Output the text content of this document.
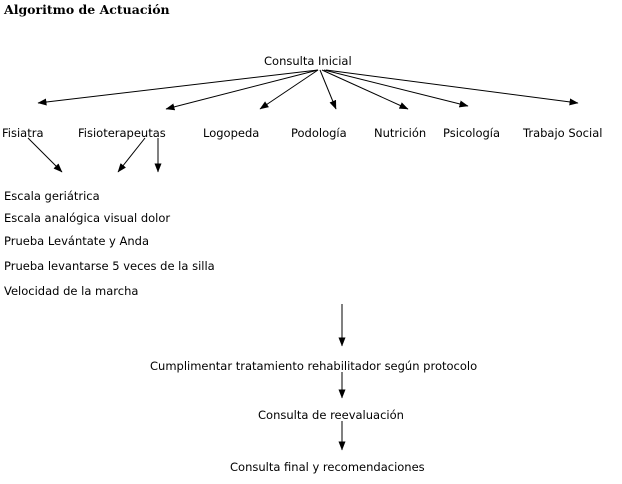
Algoritmo de Actuación
Consulta Inicial
Fisiatra	Fisioterapeutas	Logopeda	Podología Nutrición Psicología Trabajo Social
Escala geriátrica
Escala analógica visual dolor
Prueba Levántate y Anda
Prueba levantarse 5 veces de la silla
Velocidad de la marcha
Cumplimentar tratamiento rehabilitador según protocolo
Consulta de reevaluación
Consulta final y recomendaciones
